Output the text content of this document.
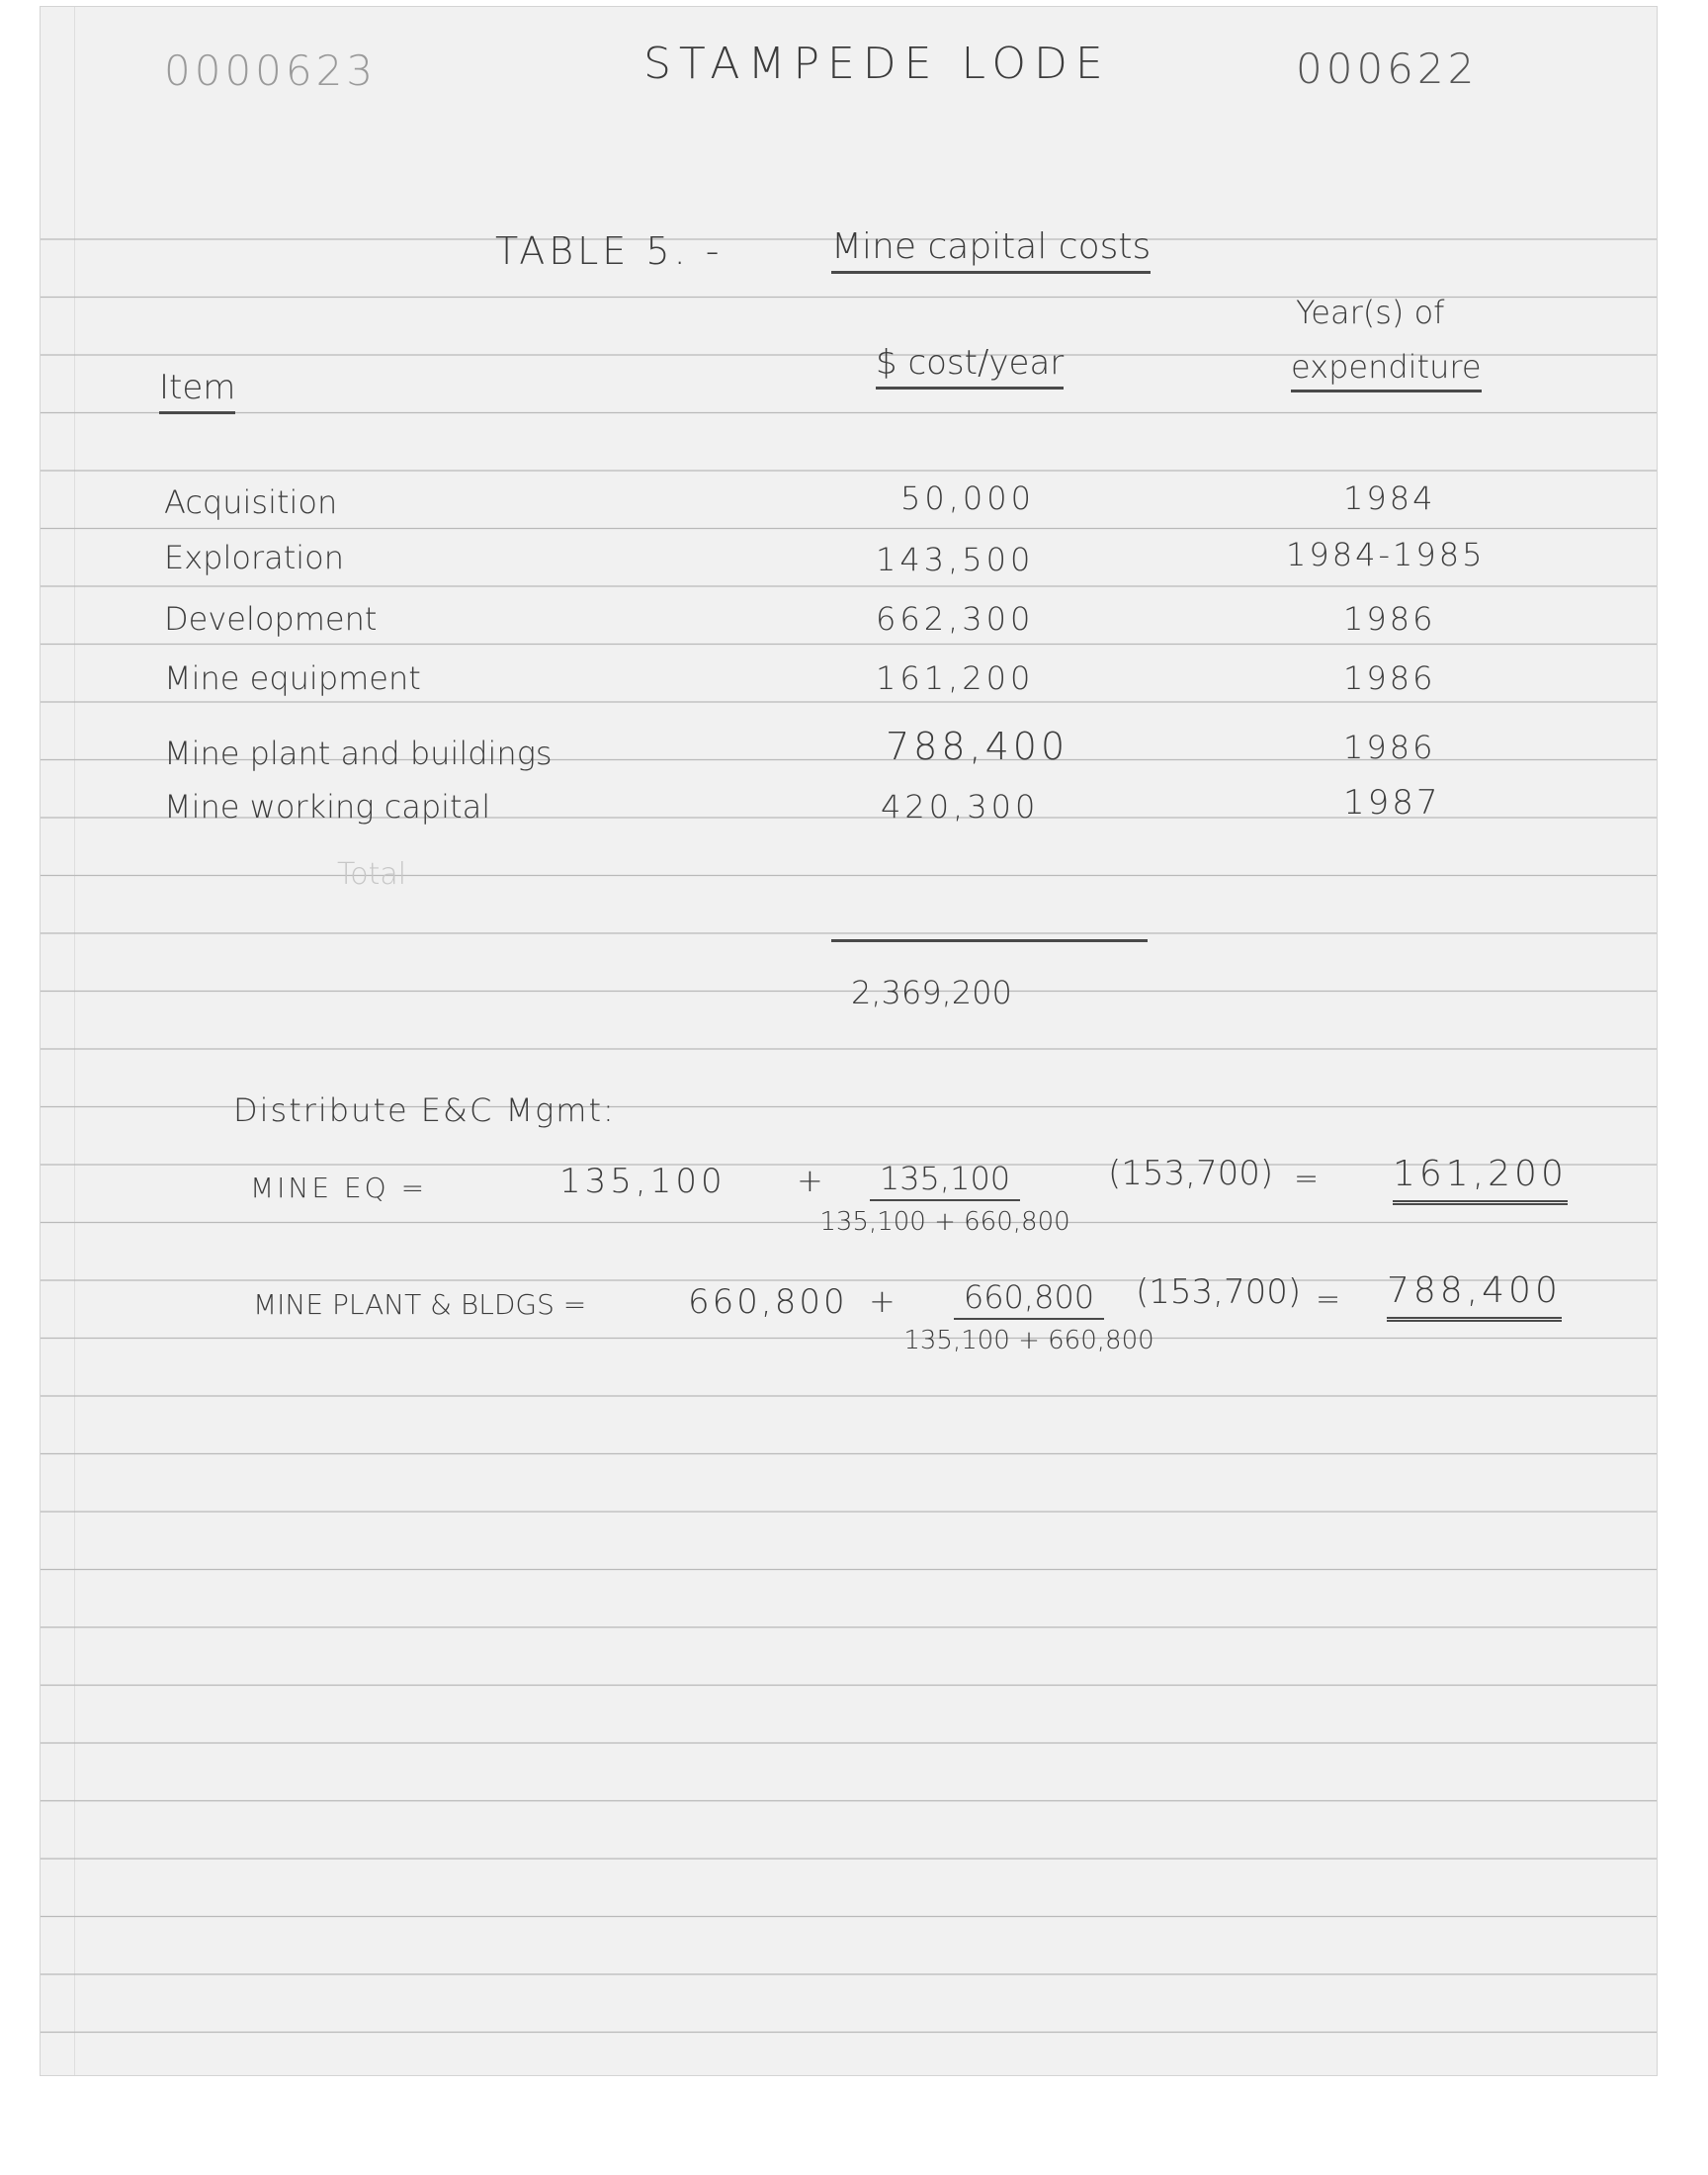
0000623	STAMPEDE LODE	000622
TABLE 5. -	Mine capital costs
Item
$ cost/year
Year(s) of
expenditure
Acquisition	50,000	1984
Exploration	143,500	1984-1985
Development	662,300	1986
Mine equipment	161,200	1986
Mine plant and buildings	788,400	1986
Mine working capital	420,300	1987
Total
2,369,200
Distribute E&C Mgmt:
MINE EQ =	135,100 +	135,100
135,100 + 660,800
(153,700) = 161,200
MINE PLANT & BLDGS =	660,800 +	660,800
135,100 + 660,800
(153,700) = 788,400
